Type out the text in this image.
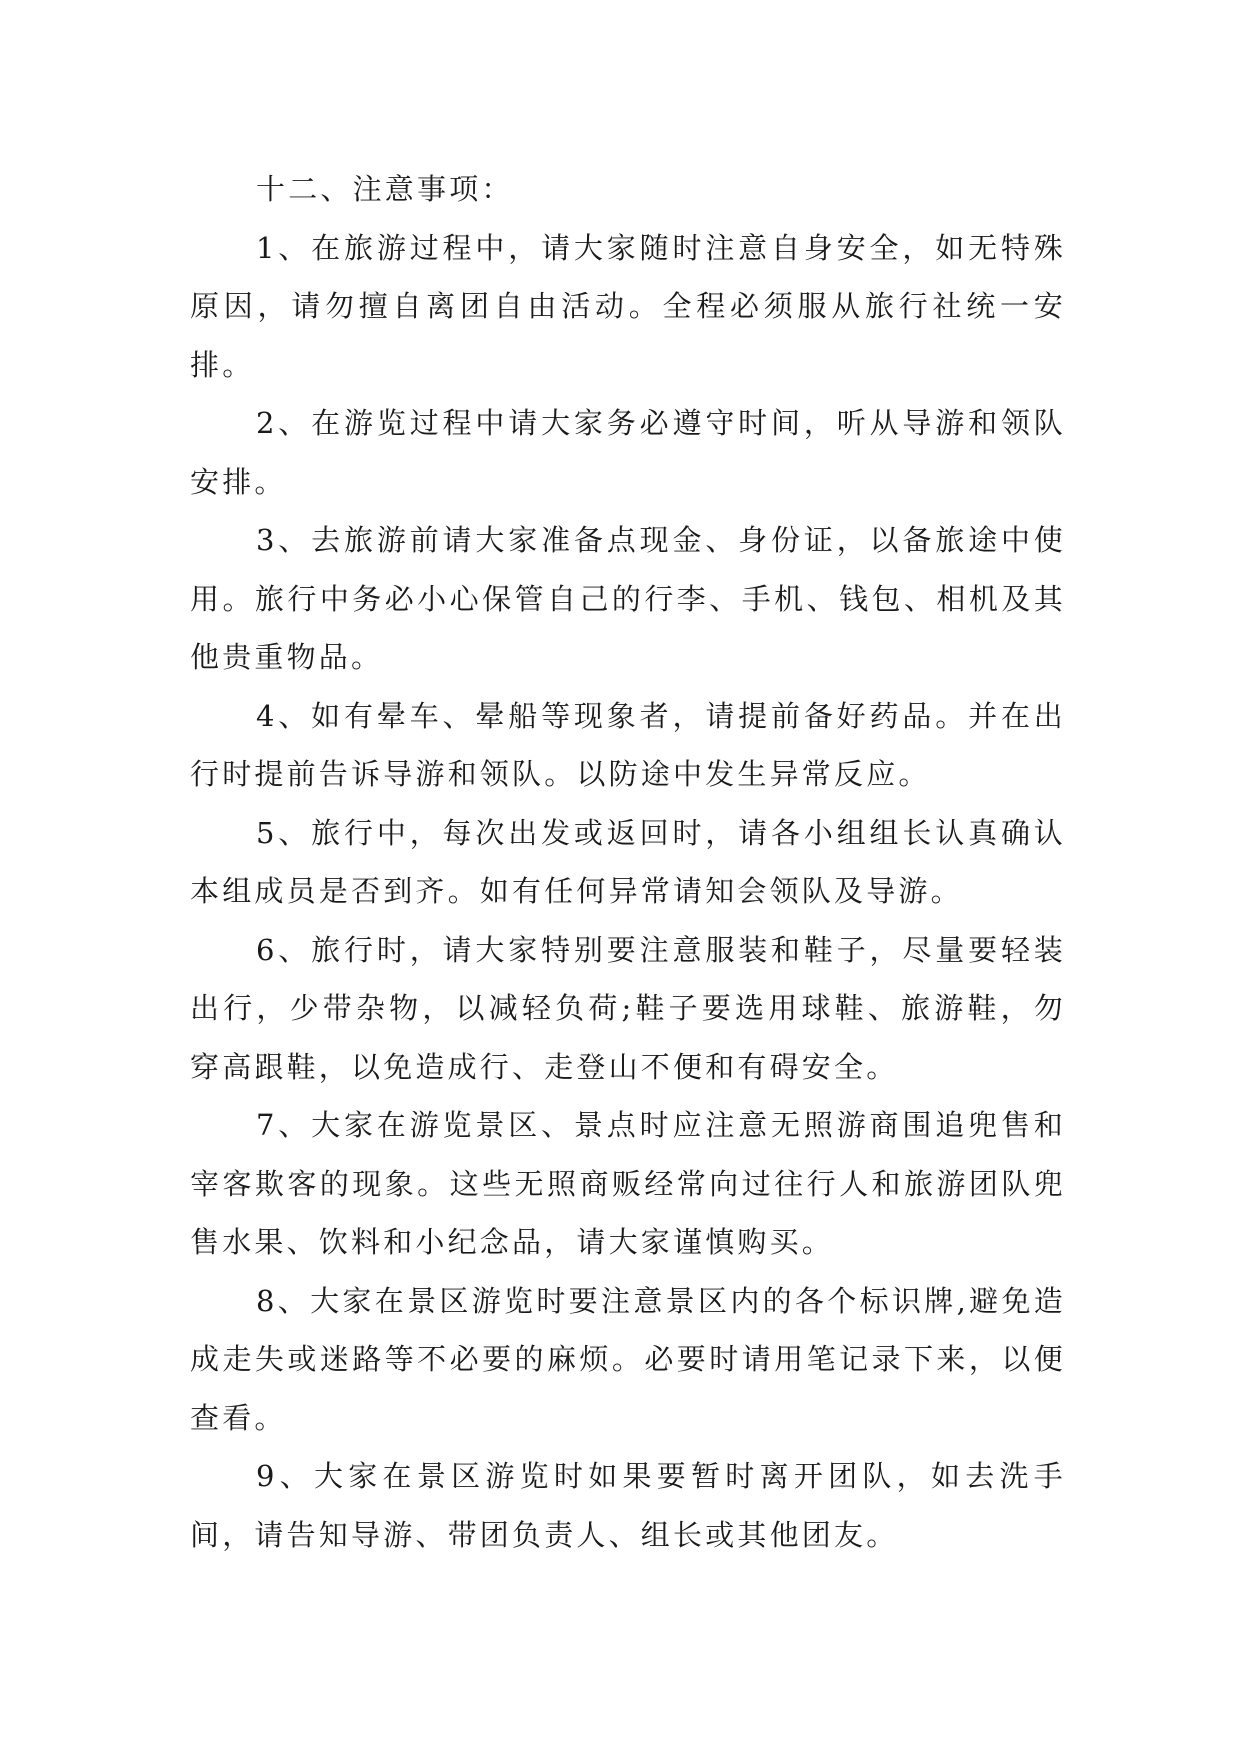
十二、注意事项：

1、在旅游过程中，请大家随时注意自身安全，如无特殊原因，请勿擅自离团自由活动。全程必须服从旅行社统一安排。

2、在游览过程中请大家务必遵守时间，听从导游和领队安排。

3、去旅游前请大家准备点现金、身份证，以备旅途中使用。旅行中务必小心保管自己的行李、手机、钱包、相机及其他贵重物品。

4、如有晕车、晕船等现象者，请提前备好药品。并在出行时提前告诉导游和领队。以防途中发生异常反应。

5、旅行中，每次出发或返回时，请各小组组长认真确认本组成员是否到齐。如有任何异常请知会领队及导游。

6、旅行时，请大家特别要注意服装和鞋子，尽量要轻装出行，少带杂物，以减轻负荷;鞋子要选用球鞋、旅游鞋，勿穿高跟鞋，以免造成行、走登山不便和有碍安全。

7、大家在游览景区、景点时应注意无照游商围追兜售和宰客欺客的现象。这些无照商贩经常向过往行人和旅游团队兜售水果、饮料和小纪念品，请大家谨慎购买。

8、大家在景区游览时要注意景区内的各个标识牌,避免造成走失或迷路等不必要的麻烦。必要时请用笔记录下来，以便查看。

9、大家在景区游览时如果要暂时离开团队，如去洗手间，请告知导游、带团负责人、组长或其他团友。
